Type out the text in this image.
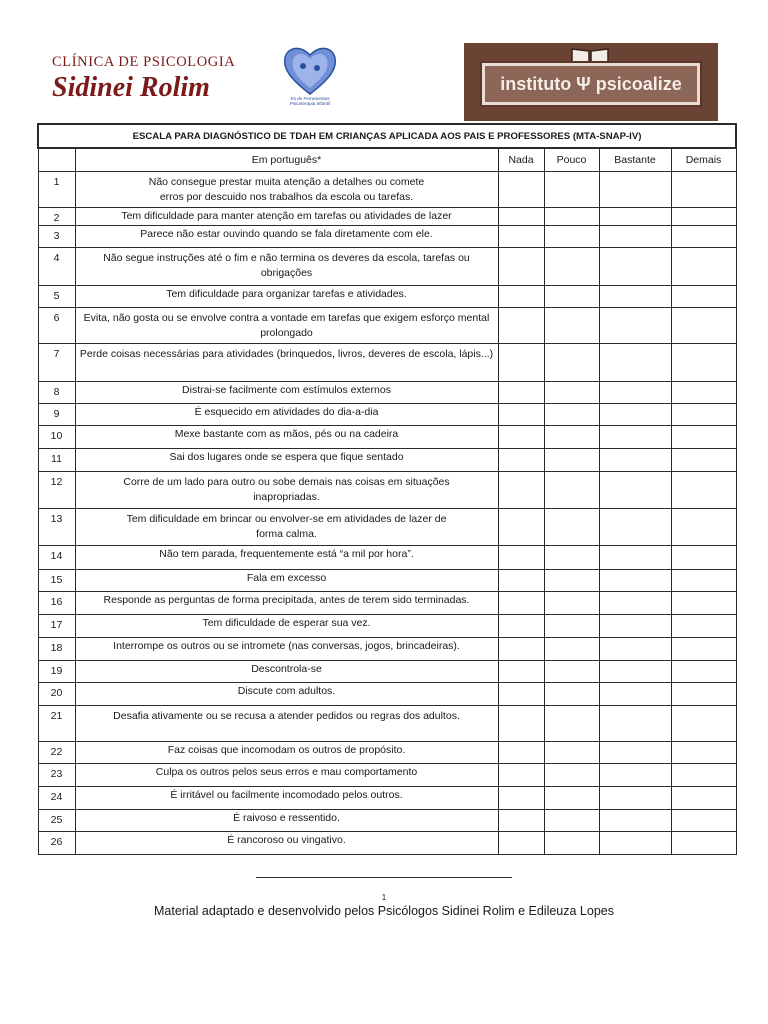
CLÍNICA DE PSICOLOGIA
Sidinei Rolim	Kit de Ferramentas
Psicoterapia Infantil
instituto Ψ psicoalize
ESCALA PARA DIAGNÓSTICO DE TDAH EM CRIANÇAS APLICADA AOS PAIS E PROFESSORES (MTA-SNAP-IV)					
	Em português*	Nada	Pouco	Bastante	Demais
1	Não consegue prestar muita atenção a detalhes ou comete
erros por descuido nos trabalhos da escola ou tarefas.				
2	Tem dificuldade para manter atenção em tarefas ou atividades de lazer				
3	Parece não estar ouvindo quando se fala diretamente com ele.				
4	Não segue instruções até o fim e não termina os deveres da escola, tarefas ou obrigações				
5	Tem dificuldade para organizar tarefas e atividades.				
6	Evita, não gosta ou se envolve contra a vontade em tarefas que exigem esforço mental prolongado				
7	Perde coisas necessárias para atividades (brinquedos, livros, deveres de escola, lápis...)				
8	Distrai-se facilmente com estímulos externos				
9	É esquecido em atividades do dia-a-dia				
10	Mexe bastante com as mãos, pés ou na cadeira				
11	Sai dos lugares onde se espera que fique sentado				
12	Corre de um lado para outro ou sobe demais nas coisas em situações
inapropriadas.				
13	Tem dificuldade em brincar ou envolver-se em atividades de lazer de
forma calma.				
14	Não tem parada, frequentemente está “a mil por hora”.				
15	Fala em excesso				
16	Responde as perguntas de forma precipitada, antes de terem sido terminadas.				
17	Tem dificuldade de esperar sua vez.				
18	Interrompe os outros ou se intromete (nas conversas, jogos, brincadeiras).				
19	Descontrola-se				
20	Discute com adultos.				
21	Desafia ativamente ou se recusa a atender pedidos ou regras dos adultos.				
22	Faz coisas que incomodam os outros de propósito.				
23	Culpa os outros pelos seus erros e mau comportamento				
24	É irritável ou facilmente incomodado pelos outros.				
25	É raivoso e ressentido.				
26	É rancoroso ou vingativo.				
1
Material adaptado e desenvolvido pelos Psicólogos Sidinei Rolim e Edileuza Lopes
